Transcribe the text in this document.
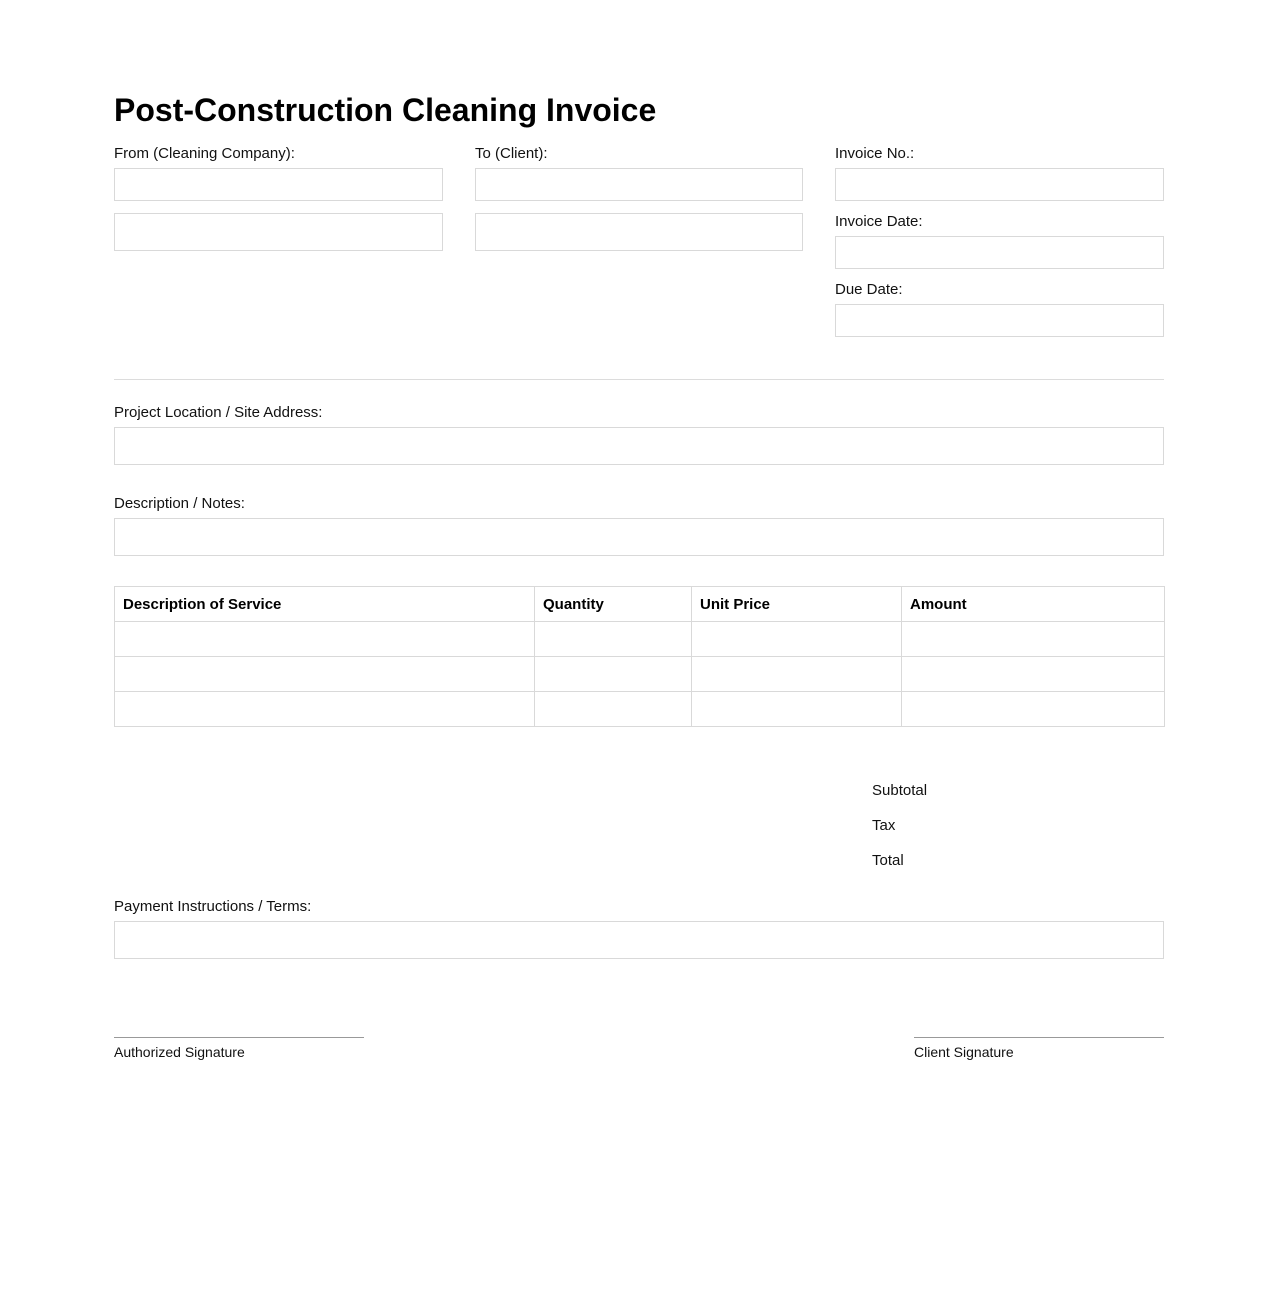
Post-Construction Cleaning Invoice
From (Cleaning Company):	To (Client):	Invoice No.:
Invoice Date:
Due Date:
Project Location / Site Address:
Description / Notes:
Description of Service	Quantity	Unit Price	Amount

Subtotal
Tax
Total
Payment Instructions / Terms:
Authorized Signature	Client Signature
